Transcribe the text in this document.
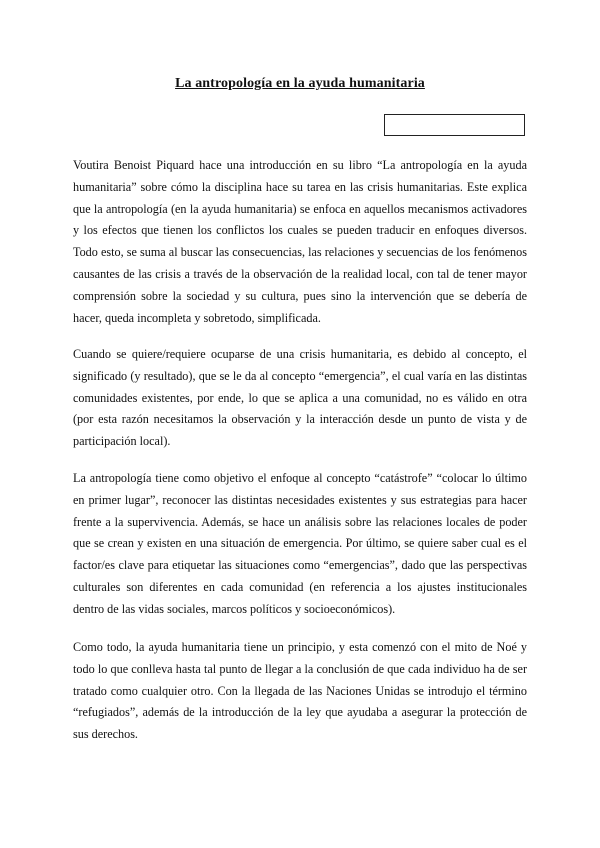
La antropología en la ayuda humanitaria

Voutira Benoist Piquard hace una introducción en su libro “La antropología en la ayuda humanitaria” sobre cómo la disciplina hace su tarea en las crisis humanitarias. Este explica que la antropología (en la ayuda humanitaria) se enfoca en aquellos mecanismos activadores y los efectos que tienen los conflictos los cuales se pueden traducir en enfoques diversos. Todo esto, se suma al buscar las consecuencias, las relaciones y secuencias de los fenómenos causantes de las crisis a través de la observación de la realidad local, con tal de tener mayor comprensión sobre la sociedad y su cultura, pues sino la intervención que se debería de hacer, queda incompleta y sobretodo, simplificada.

Cuando se quiere/requiere ocuparse de una crisis humanitaria, es debido al concepto, el significado (y resultado), que se le da al concepto “emergencia”, el cual varía en las distintas comunidades existentes, por ende, lo que se aplica a una comunidad, no es válido en otra (por esta razón necesitamos la observación y la interacción desde un punto de vista y de participación local).

La antropología tiene como objetivo el enfoque al concepto “catástrofe” “colocar lo último en primer lugar”, reconocer las distintas necesidades existentes y sus estrategias para hacer frente a la supervivencia. Además, se hace un análisis sobre las relaciones locales de poder que se crean y existen en una situación de emergencia. Por último, se quiere saber cual es el factor/es clave para etiquetar las situaciones como “emergencias”, dado que las perspectivas culturales son diferentes en cada comunidad (en referencia a los ajustes institucionales dentro de las vidas sociales, marcos políticos y socioeconómicos).

Como todo, la ayuda humanitaria tiene un principio, y esta comenzó con el mito de Noé y todo lo que conlleva hasta tal punto de llegar a la conclusión de que cada individuo ha de ser tratado como cualquier otro. Con la llegada de las Naciones Unidas se introdujo el término “refugiados”, además de la introducción de la ley que ayudaba a asegurar la protección de sus derechos.
